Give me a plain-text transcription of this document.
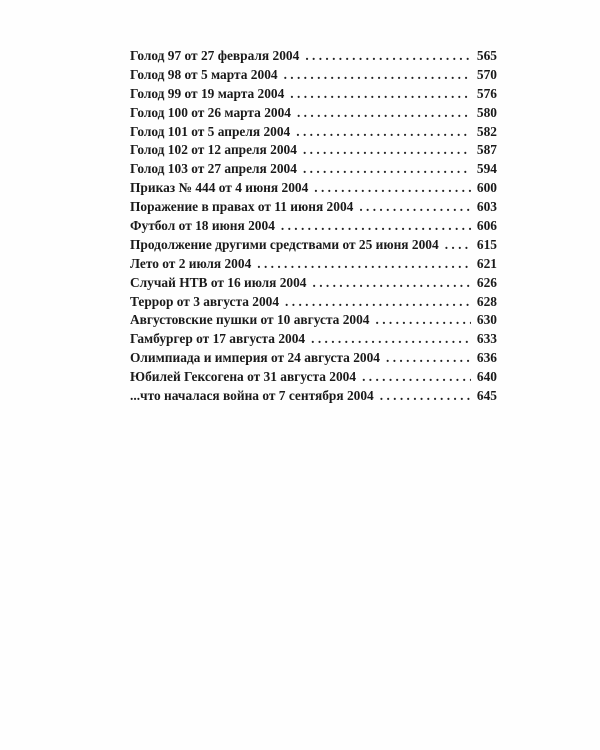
Голод 97 от 27 февраля 2004 . . .	565
Голод 98 от 5 марта 2004 . . .	570
Голод 99 от 19 марта 2004 . . .	576
Голод 100 от 26 марта 2004 . . .	580
Голод 101 от 5 апреля 2004 . . .	582
Голод 102 от 12 апреля 2004 . . .	587
Голод 103 от 27 апреля 2004 . . .	594
Приказ № 444 от 4 июня 2004 . . .	600
Поражение в правах от 11 июня 2004 . . .	603
Футбол от 18 июня 2004 . . .	606
Продолжение другими средствами от 25 июня 2004 . . .	615
Лето от 2 июля 2004 . . .	621
Случай НТВ от 16 июля 2004 . . .	626
Террор от 3 августа 2004 . . .	628
Августовские пушки от 10 августа 2004 . . .	630
Гамбургер от 17 августа 2004 . . .	633
Олимпиада и империя от 24 августа 2004 . . .	636
Юбилей Гексогена от 31 августа 2004 . . .	640
...что началася война от 7 сентября 2004 . . .	645
